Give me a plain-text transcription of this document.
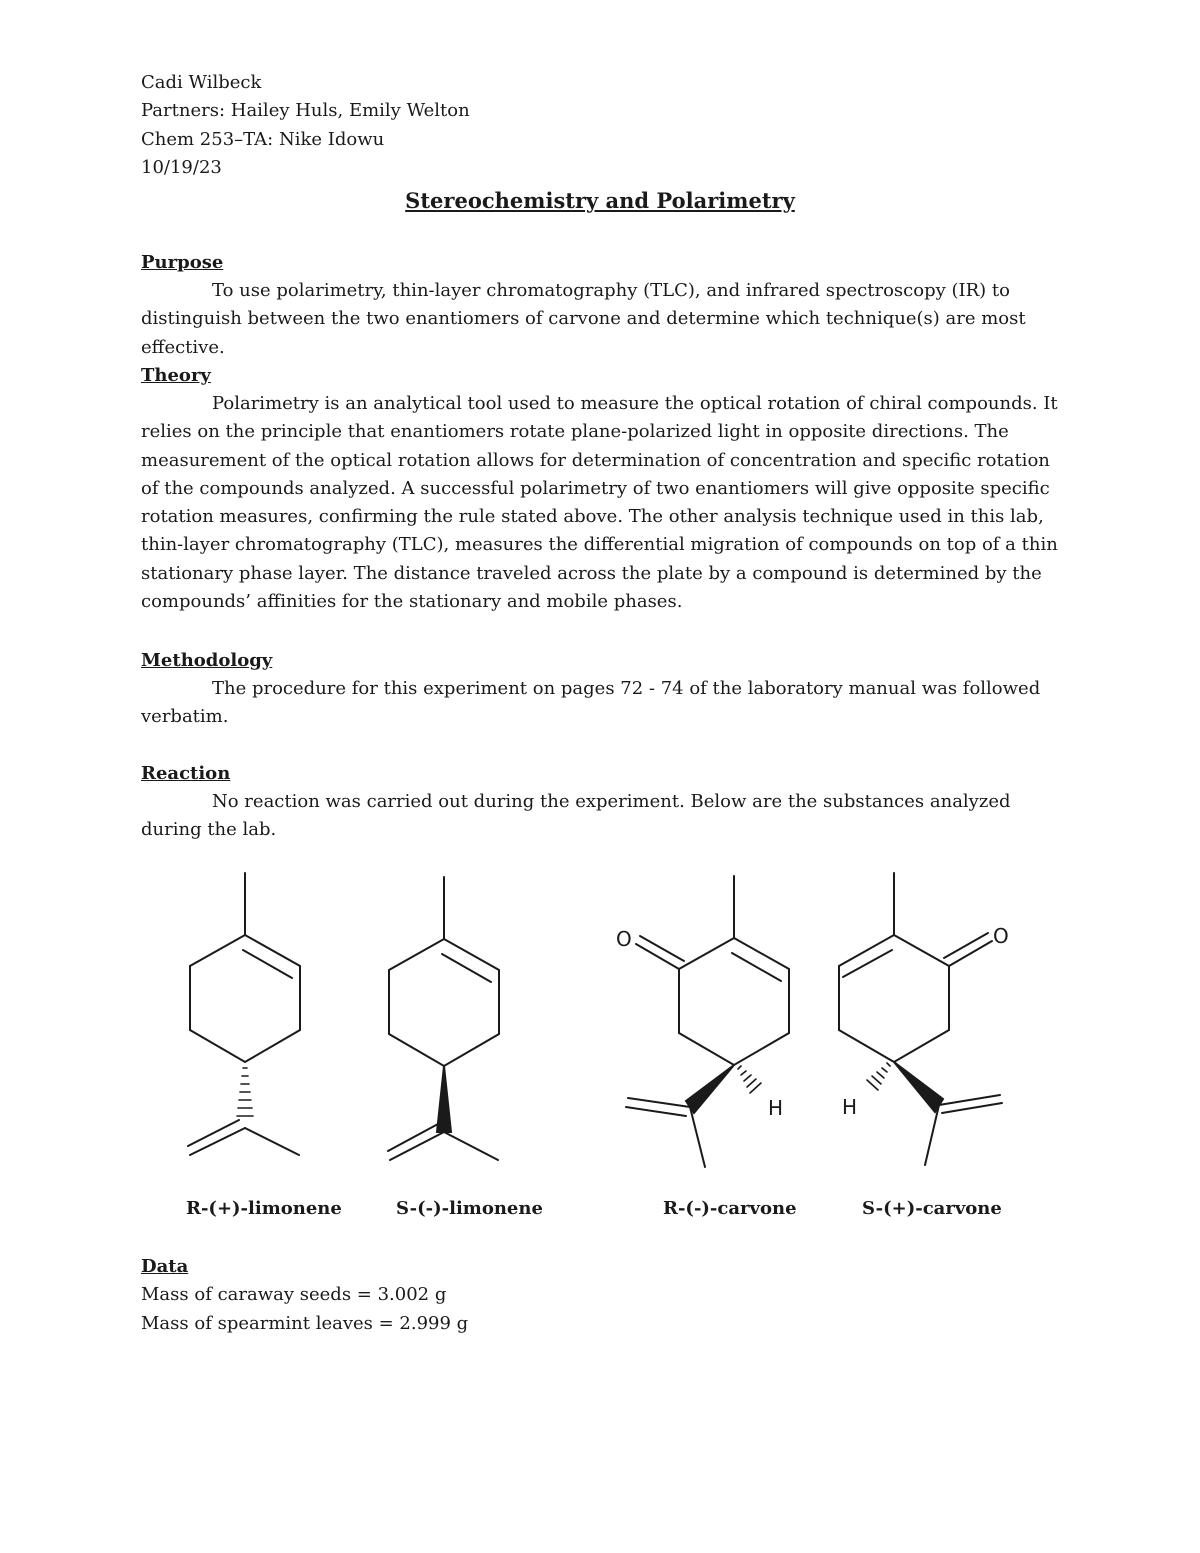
Cadi Wilbeck
Partners: Hailey Huls, Emily Welton
Chem 253–TA: Nike Idowu
10/19/23
Stereochemistry and Polarimetry
Purpose
To use polarimetry, thin-layer chromatography (TLC), and infrared spectroscopy (IR) to distinguish between the two enantiomers of carvone and determine which technique(s) are most effective.
Theory
Polarimetry is an analytical tool used to measure the optical rotation of chiral compounds. It relies on the principle that enantiomers rotate plane-polarized light in opposite directions. The measurement of the optical rotation allows for determination of concentration and specific rotation of the compounds analyzed. A successful polarimetry of two enantiomers will give opposite specific rotation measures, confirming the rule stated above. The other analysis technique used in this lab, thin-layer chromatography (TLC), measures the differential migration of compounds on top of a thin stationary phase layer. The distance traveled across the plate by a compound is determined by the compounds’ affinities for the stationary and mobile phases.
Methodology
The procedure for this experiment on pages 72 - 74 of the laboratory manual was followed verbatim.
Reaction
No reaction was carried out during the experiment. Below are the substances analyzed during the lab.
O
H
O
H
R-(+)-limonene	S-(-)-limonene	R-(-)-carvone	S-(+)-carvone
Data
Mass of caraway seeds = 3.002 g
Mass of spearmint leaves = 2.999 g
